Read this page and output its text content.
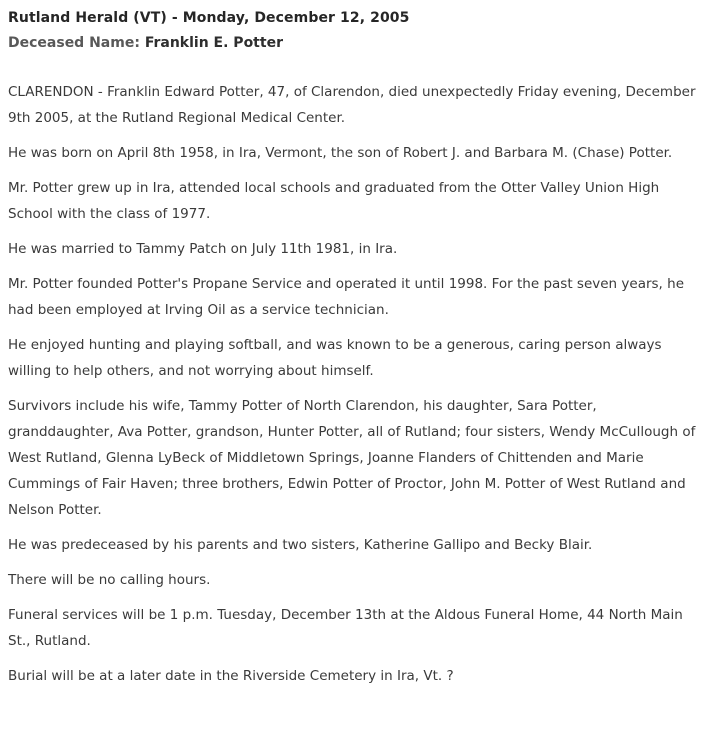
Rutland Herald (VT) - Monday, December 12, 2005
Deceased Name: Franklin E. Potter

CLARENDON - Franklin Edward Potter, 47, of Clarendon, died unexpectedly Friday evening, December 9th 2005, at the Rutland Regional Medical Center.

He was born on April 8th 1958, in Ira, Vermont, the son of Robert J. and Barbara M. (Chase) Potter.

Mr. Potter grew up in Ira, attended local schools and graduated from the Otter Valley Union High School with the class of 1977.

He was married to Tammy Patch on July 11th 1981, in Ira.

Mr. Potter founded Potter's Propane Service and operated it until 1998. For the past seven years, he had been employed at Irving Oil as a service technician.

He enjoyed hunting and playing softball, and was known to be a generous, caring person always willing to help others, and not worrying about himself.

Survivors include his wife, Tammy Potter of North Clarendon, his daughter, Sara Potter, granddaughter, Ava Potter, grandson, Hunter Potter, all of Rutland; four sisters, Wendy McCullough of West Rutland, Glenna LyBeck of Middletown Springs, Joanne Flanders of Chittenden and Marie Cummings of Fair Haven; three brothers, Edwin Potter of Proctor, John M. Potter of West Rutland and Nelson Potter.

He was predeceased by his parents and two sisters, Katherine Gallipo and Becky Blair.

There will be no calling hours.

Funeral services will be 1 p.m. Tuesday, December 13th at the Aldous Funeral Home, 44 North Main St., Rutland.

Burial will be at a later date in the Riverside Cemetery in Ira, Vt. ?
